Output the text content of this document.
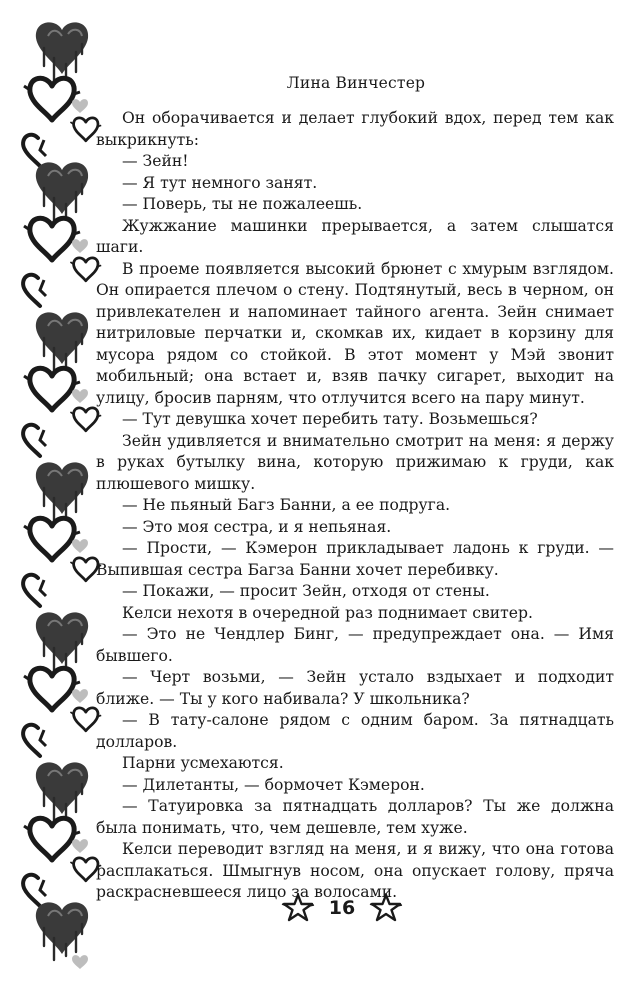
Лина Винчестер

Он оборачивается и делает глубокий вдох, перед тем как выкрикнуть:

— Зейн!

— Я тут немного занят.

— Поверь, ты не пожалеешь.

Жужжание машинки прерывается, а затем слышатся шаги.

В проеме появляется высокий брюнет с хмурым взглядом. Он опирается плечом о стену. Подтянутый, весь в черном, он привлекателен и напоминает тайного агента. Зейн снимает нитриловые перчатки и, скомкав их, кидает в корзину для мусора рядом со стойкой. В этот момент у Мэй звонит мобильный; она встает и, взяв пачку сигарет, выходит на улицу, бросив парням, что отлучится всего на пару минут.

— Тут девушка хочет перебить тату. Возьмешься?

Зейн удивляется и внимательно смотрит на меня: я держу в руках бутылку вина, которую прижимаю к груди, как плюшевого мишку.

— Не пьяный Багз Банни, а ее подруга.

— Это моя сестра, и я непьяная.

— Прости, — Кэмерон прикладывает ладонь к груди. — Выпившая сестра Багза Банни хочет перебивку.

— Покажи, — просит Зейн, отходя от стены.

Келси нехотя в очередной раз поднимает свитер.

— Это не Чендлер Бинг, — предупреждает она. — Имя бывшего.

— Черт возьми, — Зейн устало вздыхает и подходит ближе. — Ты у кого набивала? У школьника?

— В тату-салоне рядом с одним баром. За пятнадцать долларов.

Парни усмехаются.

— Дилетанты, — бормочет Кэмерон.

— Татуировка за пятнадцать долларов? Ты же должна была понимать, что, чем дешевле, тем хуже.

Келси переводит взгляд на меня, и я вижу, что она готова расплакаться. Шмыгнув носом, она опускает голову, пряча раскрасневшееся лицо за волосами.

16
